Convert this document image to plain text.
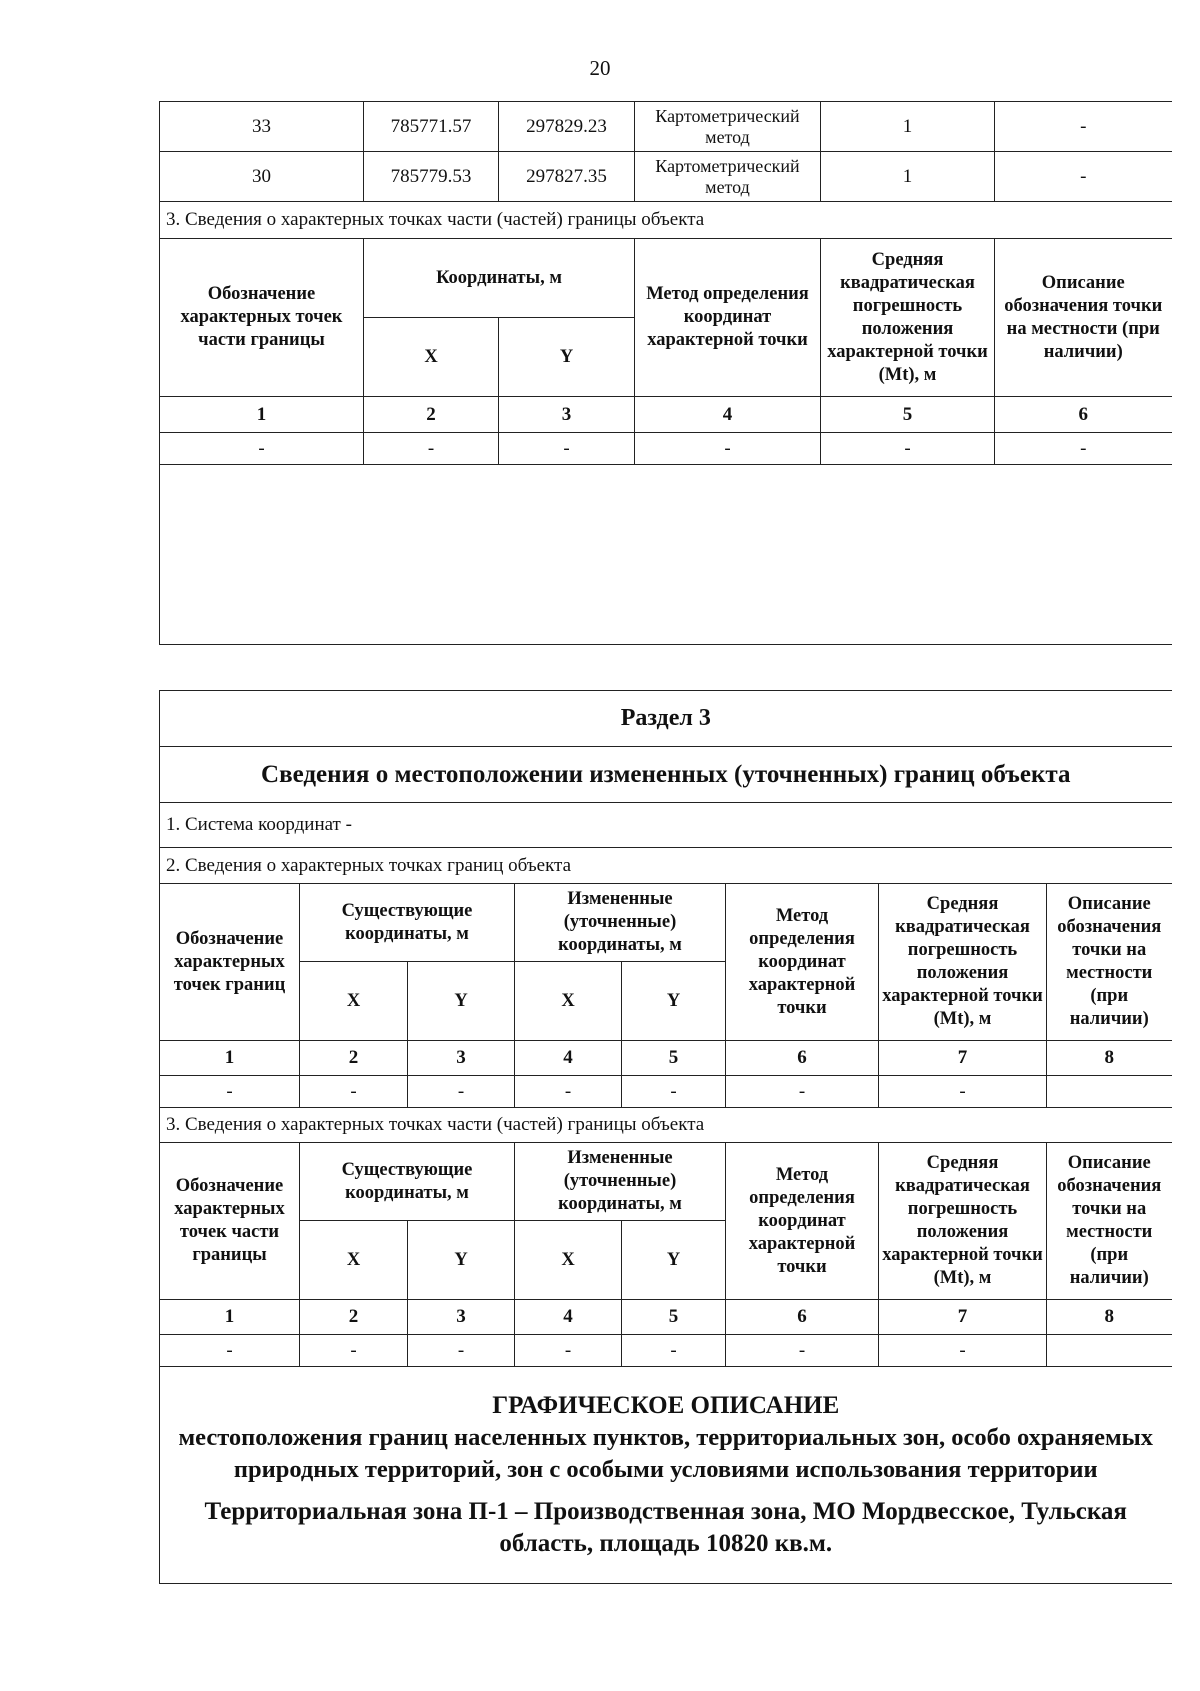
20
33	785771.57	297829.23	Картометрический метод	1	-
30	785779.53	297827.35	Картометрический метод	1	-
3. Сведения о характерных точках части (частей) границы объекта					
Обозначение характерных точек части границы	Координаты, м		Метод определения координат характерной точки	Средняя квадратическая погрешность положения характерной точки (Mt), м	Описание обозначения точки на местности (при наличии)
	X	Y			
1	2	3	4	5	6
-	-	-	-	-	-

Раздел 3							
Сведения о местоположении измененных (уточненных) границ объекта							
1. Система координат -							
2. Сведения о характерных точках границ объекта							
Обозначение характерных точек границ	Существующие координаты, м		Измененные (уточненные) координаты, м		Метод определения координат характерной точки	Средняя квадратическая погрешность положения характерной точки (Mt), м	Описание обозначения точки на местности (при наличии)
	X	Y	X	Y			
1	2	3	4	5	6	7	8
-	-	-	-	-	-	-	
3. Сведения о характерных точках части (частей) границы объекта							
Обозначение характерных точек части границы	Существующие координаты, м		Измененные (уточненные) координаты, м		Метод определения координат характерной точки	Средняя квадратическая погрешность положения характерной точки (Mt), м	Описание обозначения точки на местности (при наличии)
	X	Y	X	Y			
1	2	3	4	5	6	7	8
-	-	-	-	-	-	-	

ГРАФИЧЕСКОЕ ОПИСАНИЕ
местоположения границ населенных пунктов, территориальных зон, особо охраняемых природных территорий, зон с особыми условиями использования территории
Территориальная зона П-1 – Производственная зона, МО Мордвесское, Тульская область, площадь 10820 кв.м.							
